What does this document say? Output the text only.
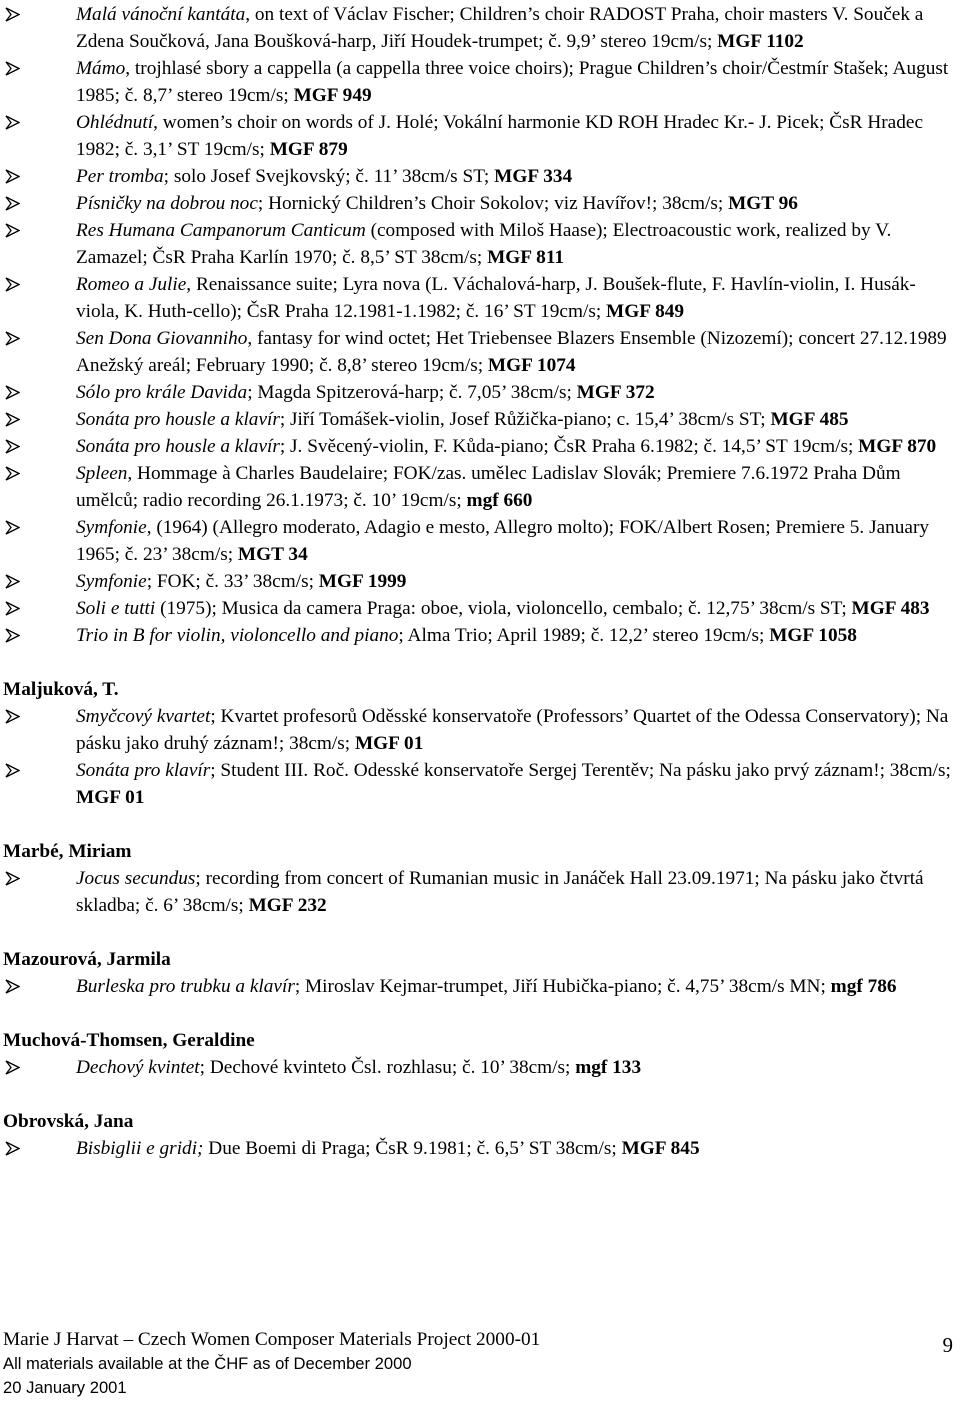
Malá vánoční kantáta, on text of Václav Fischer; Children’s choir RADOST Praha, choir masters V. Souček a Zdena Součková, Jana Boušková-harp, Jiří Houdek-trumpet; č. 9,9’ stereo 19cm/s; MGF 1102
Mámo, trojhlasé sbory a cappella (a cappella three voice choirs); Prague Children’s choir/Čestmír Stašek; August 1985; č. 8,7’ stereo 19cm/s; MGF 949
Ohlédnutí, women’s choir on words of J. Holé; Vokální harmonie KD ROH Hradec Kr.- J. Picek; ČsR Hradec 1982; č. 3,1’ ST 19cm/s; MGF 879
Per tromba; solo Josef Svejkovský; č. 11’ 38cm/s ST; MGF 334
Písničky na dobrou noc; Hornický Children’s Choir Sokolov; viz Havířov!; 38cm/s; MGT 96
Res Humana Campanorum Canticum (composed with Miloš Haase); Electroacoustic work, realized by V. Zamazel; ČsR Praha Karlín 1970; č. 8,5’ ST 38cm/s; MGF 811
Romeo a Julie, Renaissance suite; Lyra nova (L. Váchalová-harp, J. Boušek-flute, F. Havlín-violin, I. Husák-viola, K. Huth-cello); ČsR Praha 12.1981-1.1982; č. 16’ ST 19cm/s; MGF 849
Sen Dona Giovanniho, fantasy for wind octet; Het Triebensee Blazers Ensemble (Nizozemí); concert 27.12.1989 Anežský areál; February 1990; č. 8,8’ stereo 19cm/s; MGF 1074
Sólo pro krále Davida; Magda Spitzerová-harp; č. 7,05’ 38cm/s; MGF 372
Sonáta pro housle a klavír; Jiří Tomášek-violin, Josef Růžička-piano; c. 15,4’ 38cm/s ST; MGF 485
Sonáta pro housle a klavír; J. Svěcený-violin, F. Kůda-piano; ČsR Praha 6.1982; č. 14,5’ ST 19cm/s; MGF 870
Spleen, Hommage à Charles Baudelaire; FOK/zas. umělec Ladislav Slovák; Premiere 7.6.1972 Praha Dům umělců; radio recording 26.1.1973; č. 10’ 19cm/s; mgf 660
Symfonie, (1964) (Allegro moderato, Adagio e mesto, Allegro molto); FOK/Albert Rosen; Premiere 5. January 1965; č. 23’ 38cm/s; MGT 34
Symfonie; FOK; č. 33’ 38cm/s; MGF 1999
Soli e tutti (1975); Musica da camera Praga: oboe, viola, violoncello, cembalo; č. 12,75’ 38cm/s ST; MGF 483
Trio in B for violin, violoncello and piano; Alma Trio; April 1989; č. 12,2’ stereo 19cm/s; MGF 1058
Maljuková, T.
Smyčcový kvartet; Kvartet profesorů Oděsské konservatoře (Professors’ Quartet of the Odessa Conservatory); Na pásku jako druhý záznam!; 38cm/s; MGF 01
Sonáta pro klavír; Student III. Roč. Odesské konservatoře Sergej Terentěv; Na pásku jako prvý záznam!; 38cm/s; MGF 01
Marbé, Miriam
Jocus secundus; recording from concert of Rumanian music in Janáček Hall 23.09.1971; Na pásku jako čtvrtá skladba; č. 6’ 38cm/s; MGF 232
Mazourová, Jarmila
Burleska pro trubku a klavír; Miroslav Kejmar-trumpet, Jiří Hubička-piano; č. 4,75’ 38cm/s MN; mgf 786
Muchová-Thomsen, Geraldine
Dechový kvintet; Dechové kvinteto Čsl. rozhlasu; č. 10’ 38cm/s; mgf 133
Obrovská, Jana
Bisbiglii e gridi; Due Boemi di Praga; ČsR 9.1981; č. 6,5’ ST 38cm/s; MGF 845
Marie J Harvat – Czech Women Composer Materials Project 2000-01
All materials available at the ČHF as of December 2000
20 January 2001
9
